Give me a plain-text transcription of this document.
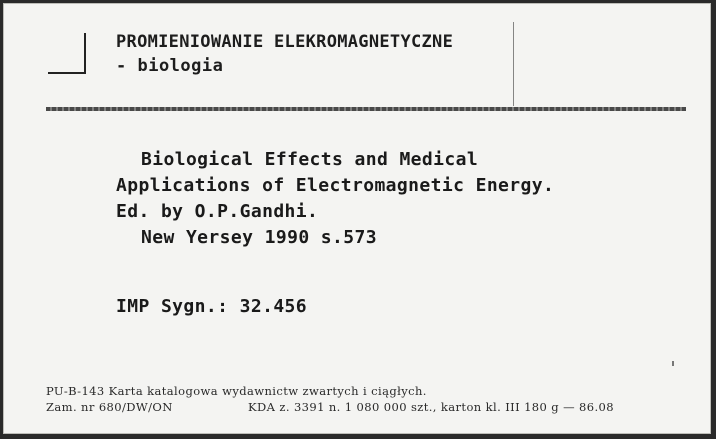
PROMIENIOWANIE ELEKROMAGNETYCZNE
- biologia
Biological Effects and Medical
Applications of Electromagnetic Energy.
Ed. by O.P.Gandhi.
New Yersey 1990 s.573
IMP Sygn.: 32.456
PU-B-143 Karta katalogowa wydawnictw zwartych i ciągłych.
Zam. nr 680/DW/ON	KDA z. 3391 n. 1 080 000 szt., karton kl. III 180 g — 86.08
